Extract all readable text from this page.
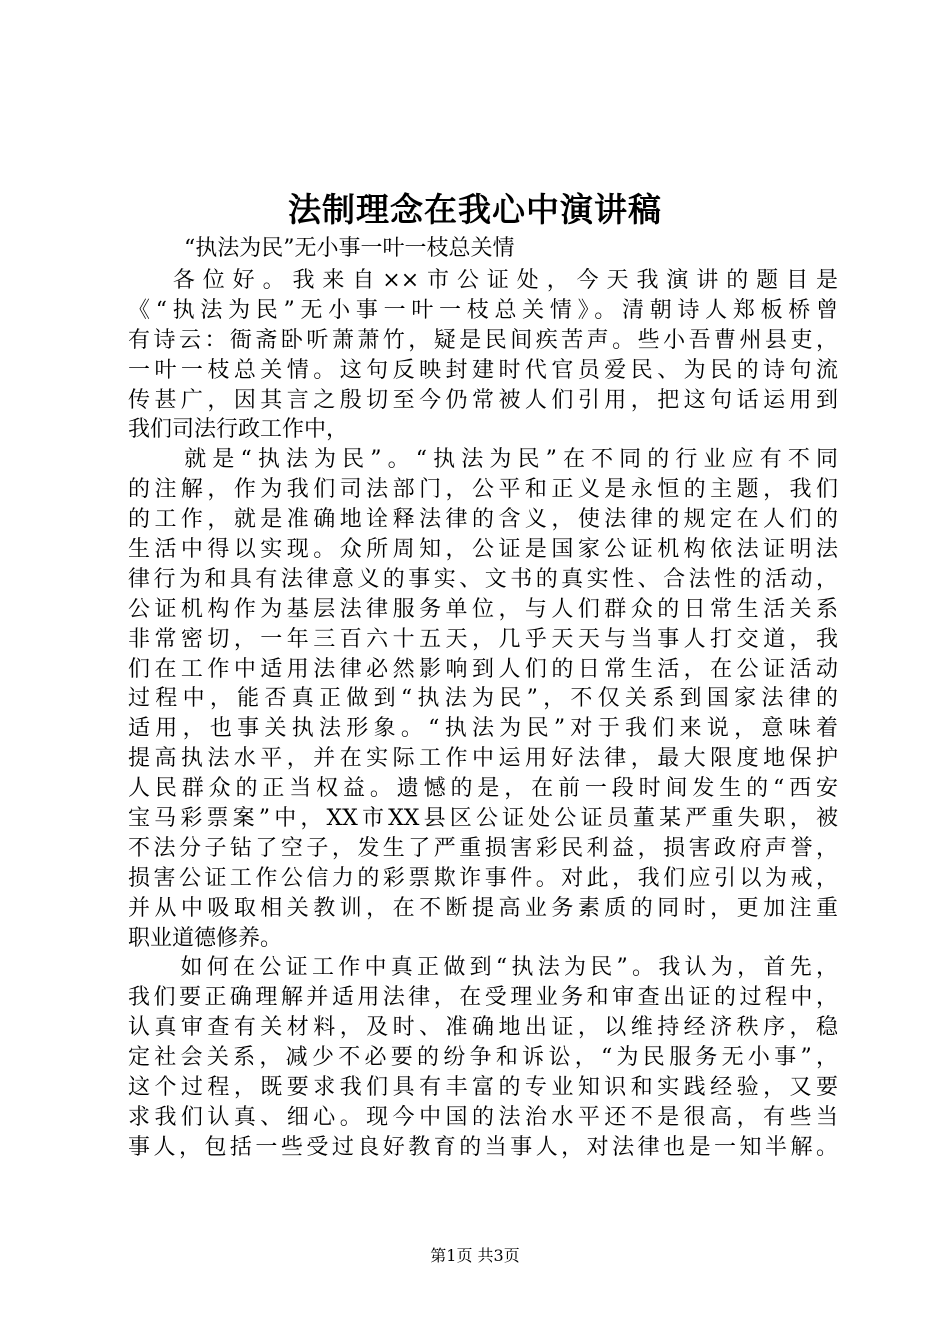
法制理念在我心中演讲稿
“执法为民”无小事一叶一枝总关情
　 各位好。我来自××市公证处，今天我演讲的题目是
《“执法为民”无小事一叶一枝总关情》。清朝诗人郑板桥曾
有诗云：衙斋卧听萧萧竹，疑是民间疾苦声。些小吾曹州县吏，
一叶一枝总关情。这句反映封建时代官员爱民、为民的诗句流
传甚广，因其言之殷切至今仍常被人们引用，把这句话运用到
我们司法行政工作中，
　　就是“执法为民”。“执法为民”在不同的行业应有不同
的注解，作为我们司法部门，公平和正义是永恒的主题，我们
的工作，就是准确地诠释法律的含义，使法律的规定在人们的
生活中得以实现。众所周知，公证是国家公证机构依法证明法
律行为和具有法律意义的事实、文书的真实性、合法性的活动，
公证机构作为基层法律服务单位，与人们群众的日常生活关系
非常密切，一年三百六十五天，几乎天天与当事人打交道，我
们在工作中适用法律必然影响到人们的日常生活，在公证活动
过程中，能否真正做到“执法为民”，不仅关系到国家法律的
适用，也事关执法形象。“执法为民”对于我们来说，意味着
提高执法水平，并在实际工作中运用好法律，最大限度地保护
人民群众的正当权益。遗憾的是，在前一段时间发生的“西安
宝马彩票案”中，XX市XX县区公证处公证员董某严重失职，被
不法分子钻了空子，发生了严重损害彩民利益，损害政府声誉，
损害公证工作公信力的彩票欺诈事件。对此，我们应引以为戒，
并从中吸取相关教训，在不断提高业务素质的同时，更加注重
职业道德修养。
　　如何在公证工作中真正做到“执法为民”。我认为，首先，
我们要正确理解并适用法律，在受理业务和审查出证的过程中，
认真审查有关材料，及时、准确地出证，以维持经济秩序，稳
定社会关系，减少不必要的纷争和诉讼，“为民服务无小事”，
这个过程，既要求我们具有丰富的专业知识和实践经验，又要
求我们认真、细心。现今中国的法治水平还不是很高，有些当
事人，包括一些受过良好教育的当事人，对法律也是一知半解。
第1页 共3页
